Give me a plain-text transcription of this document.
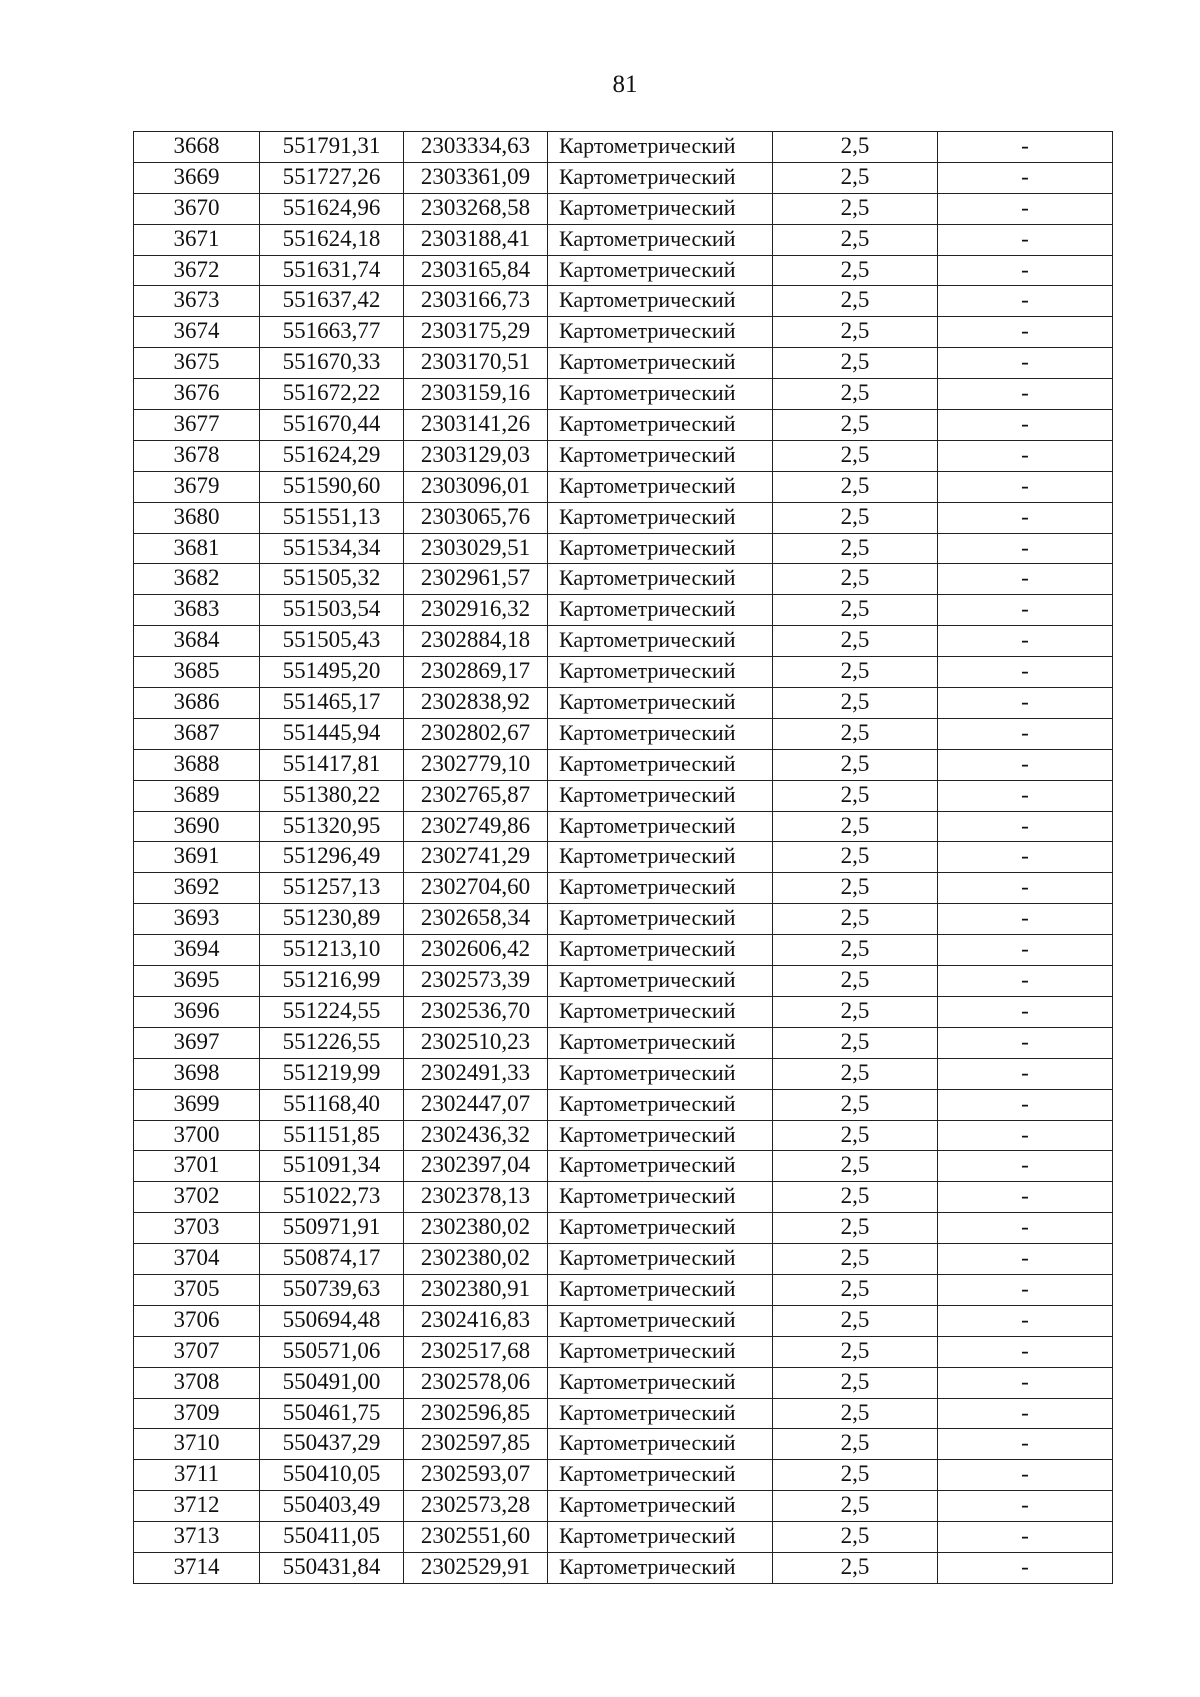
81
3668	551791,31	2303334,63	Картометрический	2,5	-
3669	551727,26	2303361,09	Картометрический	2,5	-
3670	551624,96	2303268,58	Картометрический	2,5	-
3671	551624,18	2303188,41	Картометрический	2,5	-
3672	551631,74	2303165,84	Картометрический	2,5	-
3673	551637,42	2303166,73	Картометрический	2,5	-
3674	551663,77	2303175,29	Картометрический	2,5	-
3675	551670,33	2303170,51	Картометрический	2,5	-
3676	551672,22	2303159,16	Картометрический	2,5	-
3677	551670,44	2303141,26	Картометрический	2,5	-
3678	551624,29	2303129,03	Картометрический	2,5	-
3679	551590,60	2303096,01	Картометрический	2,5	-
3680	551551,13	2303065,76	Картометрический	2,5	-
3681	551534,34	2303029,51	Картометрический	2,5	-
3682	551505,32	2302961,57	Картометрический	2,5	-
3683	551503,54	2302916,32	Картометрический	2,5	-
3684	551505,43	2302884,18	Картометрический	2,5	-
3685	551495,20	2302869,17	Картометрический	2,5	-
3686	551465,17	2302838,92	Картометрический	2,5	-
3687	551445,94	2302802,67	Картометрический	2,5	-
3688	551417,81	2302779,10	Картометрический	2,5	-
3689	551380,22	2302765,87	Картометрический	2,5	-
3690	551320,95	2302749,86	Картометрический	2,5	-
3691	551296,49	2302741,29	Картометрический	2,5	-
3692	551257,13	2302704,60	Картометрический	2,5	-
3693	551230,89	2302658,34	Картометрический	2,5	-
3694	551213,10	2302606,42	Картометрический	2,5	-
3695	551216,99	2302573,39	Картометрический	2,5	-
3696	551224,55	2302536,70	Картометрический	2,5	-
3697	551226,55	2302510,23	Картометрический	2,5	-
3698	551219,99	2302491,33	Картометрический	2,5	-
3699	551168,40	2302447,07	Картометрический	2,5	-
3700	551151,85	2302436,32	Картометрический	2,5	-
3701	551091,34	2302397,04	Картометрический	2,5	-
3702	551022,73	2302378,13	Картометрический	2,5	-
3703	550971,91	2302380,02	Картометрический	2,5	-
3704	550874,17	2302380,02	Картометрический	2,5	-
3705	550739,63	2302380,91	Картометрический	2,5	-
3706	550694,48	2302416,83	Картометрический	2,5	-
3707	550571,06	2302517,68	Картометрический	2,5	-
3708	550491,00	2302578,06	Картометрический	2,5	-
3709	550461,75	2302596,85	Картометрический	2,5	-
3710	550437,29	2302597,85	Картометрический	2,5	-
3711	550410,05	2302593,07	Картометрический	2,5	-
3712	550403,49	2302573,28	Картометрический	2,5	-
3713	550411,05	2302551,60	Картометрический	2,5	-
3714	550431,84	2302529,91	Картометрический	2,5	-
